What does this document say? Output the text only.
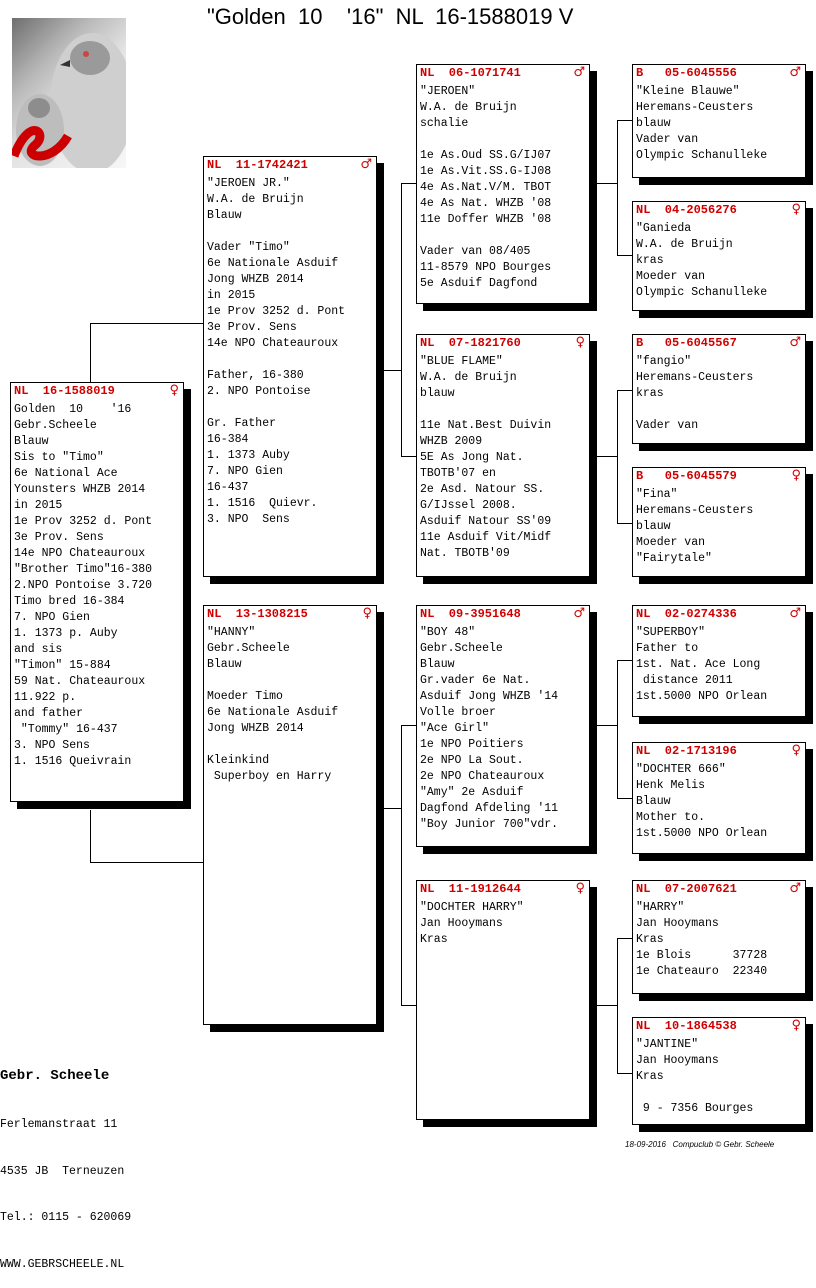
"Golden  10    '16"  NL  16-1588019 V
NL  16-1588019	♀
Golden  10    '16
Gebr.Scheele
Blauw
Sis to "Timo"
6e National Ace
Younsters WHZB 2014
in 2015
1e Prov 3252 d. Pont
3e Prov. Sens
14e NPO Chateauroux
"Brother Timo"16-380
2.NPO Pontoise 3.720
Timo bred 16-384
7. NPO Gien
1. 1373 p. Auby
and sis
"Timon" 15-884
59 Nat. Chateauroux
11.922 p.
and father
"Tommy" 16-437
3. NPO Sens
1. 1516 Queivrain
NL  11-1742421	♂
"JEROEN JR."
W.A. de Bruijn
Blauw

Vader "Timo"
6e Nationale Asduif
Jong WHZB 2014
in 2015
1e Prov 3252 d. Pont
3e Prov. Sens
14e NPO Chateauroux

Father, 16-380
2. NPO Pontoise

Gr. Father
16-384
1. 1373 Auby
7. NPO Gien
16-437
1. 1516  Quievr.
3. NPO  Sens
NL  13-1308215	♀
"HANNY"
Gebr.Scheele
Blauw

Moeder Timo
6e Nationale Asduif
Jong WHZB 2014

Kleinkind
Superboy en Harry
NL  06-1071741	♂
"JEROEN"
W.A. de Bruijn
schalie

1e As.Oud SS.G/IJ07
1e As.Vit.SS.G-IJ08
4e As.Nat.V/M. TBOT
4e As Nat. WHZB '08
11e Doffer WHZB '08

Vader van 08/405
11-8579 NPO Bourges
5e Asduif Dagfond
NL  07-1821760	♀
"BLUE FLAME"
W.A. de Bruijn
blauw

11e Nat.Best Duivin
WHZB 2009
5E As Jong Nat.
TBOTB'07 en
2e Asd. Natour SS.
G/IJssel 2008.
Asduif Natour SS'09
11e Asduif Vit/Midf
Nat. TBOTB'09
NL  09-3951648	♂
"BOY 48"
Gebr.Scheele
Blauw
Gr.vader 6e Nat.
Asduif Jong WHZB '14
Volle broer
"Ace Girl"
1e NPO Poitiers
2e NPO La Sout.
2e NPO Chateauroux
"Amy" 2e Asduif
Dagfond Afdeling '11
"Boy Junior 700"vdr.
NL  11-1912644	♀
"DOCHTER HARRY"
Jan Hooymans
Kras
B   05-6045556	♂
"Kleine Blauwe"
Heremans-Ceusters
blauw
Vader van
Olympic Schanulleke
NL  04-2056276	♀
"Ganieda
W.A. de Bruijn
kras
Moeder van
Olympic Schanulleke
B   05-6045567	♂
"fangio"
Heremans-Ceusters
kras

Vader van
B   05-6045579	♀
"Fina"
Heremans-Ceusters
blauw
Moeder van
"Fairytale"
NL  02-0274336	♂
"SUPERBOY"
Father to
1st. Nat. Ace Long
distance 2011
1st.5000 NPO Orlean
NL  02-1713196	♀
"DOCHTER 666"
Henk Melis
Blauw
Mother to.
1st.5000 NPO Orlean
NL  07-2007621	♂
"HARRY"
Jan Hooymans
Kras
1e Blois      37728
1e Chateauro  22340
NL  10-1864538	♀
"JANTINE"
Jan Hooymans
Kras

9 - 7356 Bourges

Gebr. Scheele

Ferlemanstraat 11

4535 JB  Terneuzen

Tel.: 0115 - 620069

WWW.GEBRSCHEELE.NL

18-09-2016   Compuclub © Gebr. Scheele
